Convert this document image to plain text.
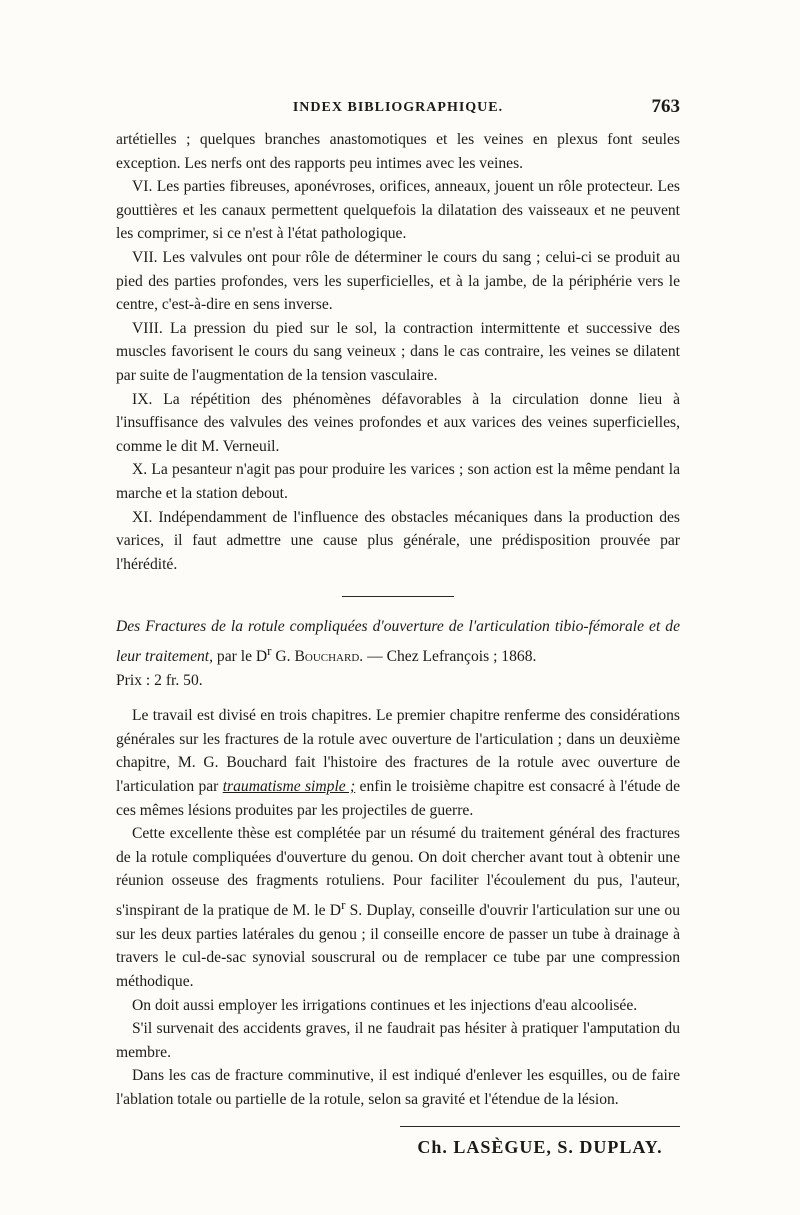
INDEX BIBLIOGRAPHIQUE.	763

artétielles ; quelques branches anastomotiques et les veines en plexus font seules exception. Les nerfs ont des rapports peu intimes avec les veines.

VI. Les parties fibreuses, aponévroses, orifices, anneaux, jouent un rôle protecteur. Les gouttières et les canaux permettent quelquefois la dilatation des vaisseaux et ne peuvent les comprimer, si ce n'est à l'état pathologique.

VII. Les valvules ont pour rôle de déterminer le cours du sang ; celui-ci se produit au pied des parties profondes, vers les superficielles, et à la jambe, de la périphérie vers le centre, c'est-à-dire en sens inverse.

VIII. La pression du pied sur le sol, la contraction intermittente et successive des muscles favorisent le cours du sang veineux ; dans le cas contraire, les veines se dilatent par suite de l'augmentation de la tension vasculaire.

IX. La répétition des phénomènes défavorables à la circulation donne lieu à l'insuffisance des valvules des veines profondes et aux varices des veines superficielles, comme le dit M. Verneuil.

X. La pesanteur n'agit pas pour produire les varices ; son action est la même pendant la marche et la station debout.

XI. Indépendamment de l'influence des obstacles mécaniques dans la production des varices, il faut admettre une cause plus générale, une prédisposition prouvée par l'hérédité.

Des Fractures de la rotule compliquées d'ouverture de l'articulation tibio-fémorale et de leur traitement, par le $D^r$ G. Bouchard. — Chez Lefrançois ; 1868.

Prix : 2 fr. 50.

Le travail est divisé en trois chapitres. Le premier chapitre renferme des considérations générales sur les fractures de la rotule avec ouverture de l'articulation ; dans un deuxième chapitre, M. G. Bouchard fait l'histoire des fractures de la rotule avec ouverture de l'articulation par traumatisme simple ; enfin le troisième chapitre est consacré à l'étude de ces mêmes lésions produites par les projectiles de guerre.

Cette excellente thèse est complétée par un résumé du traitement général des fractures de la rotule compliquées d'ouverture du genou. On doit chercher avant tout à obtenir une réunion osseuse des fragments rotuliens. Pour faciliter l'écoulement du pus, l'auteur, s'inspirant de la pratique de M. le $D^r$ S. Duplay, conseille d'ouvrir l'articulation sur une ou sur les deux parties latérales du genou ; il conseille encore de passer un tube à drainage à travers le cul-de-sac synovial souscrural ou de remplacer ce tube par une compression méthodique.

On doit aussi employer les irrigations continues et les injections d'eau alcoolisée.

S'il survenait des accidents graves, il ne faudrait pas hésiter à pratiquer l'amputation du membre.

Dans les cas de fracture comminutive, il est indiqué d'enlever les esquilles, ou de faire l'ablation totale ou partielle de la rotule, selon sa gravité et l'étendue de la lésion.

Ch. LASÈGUE, S. DUPLAY.
